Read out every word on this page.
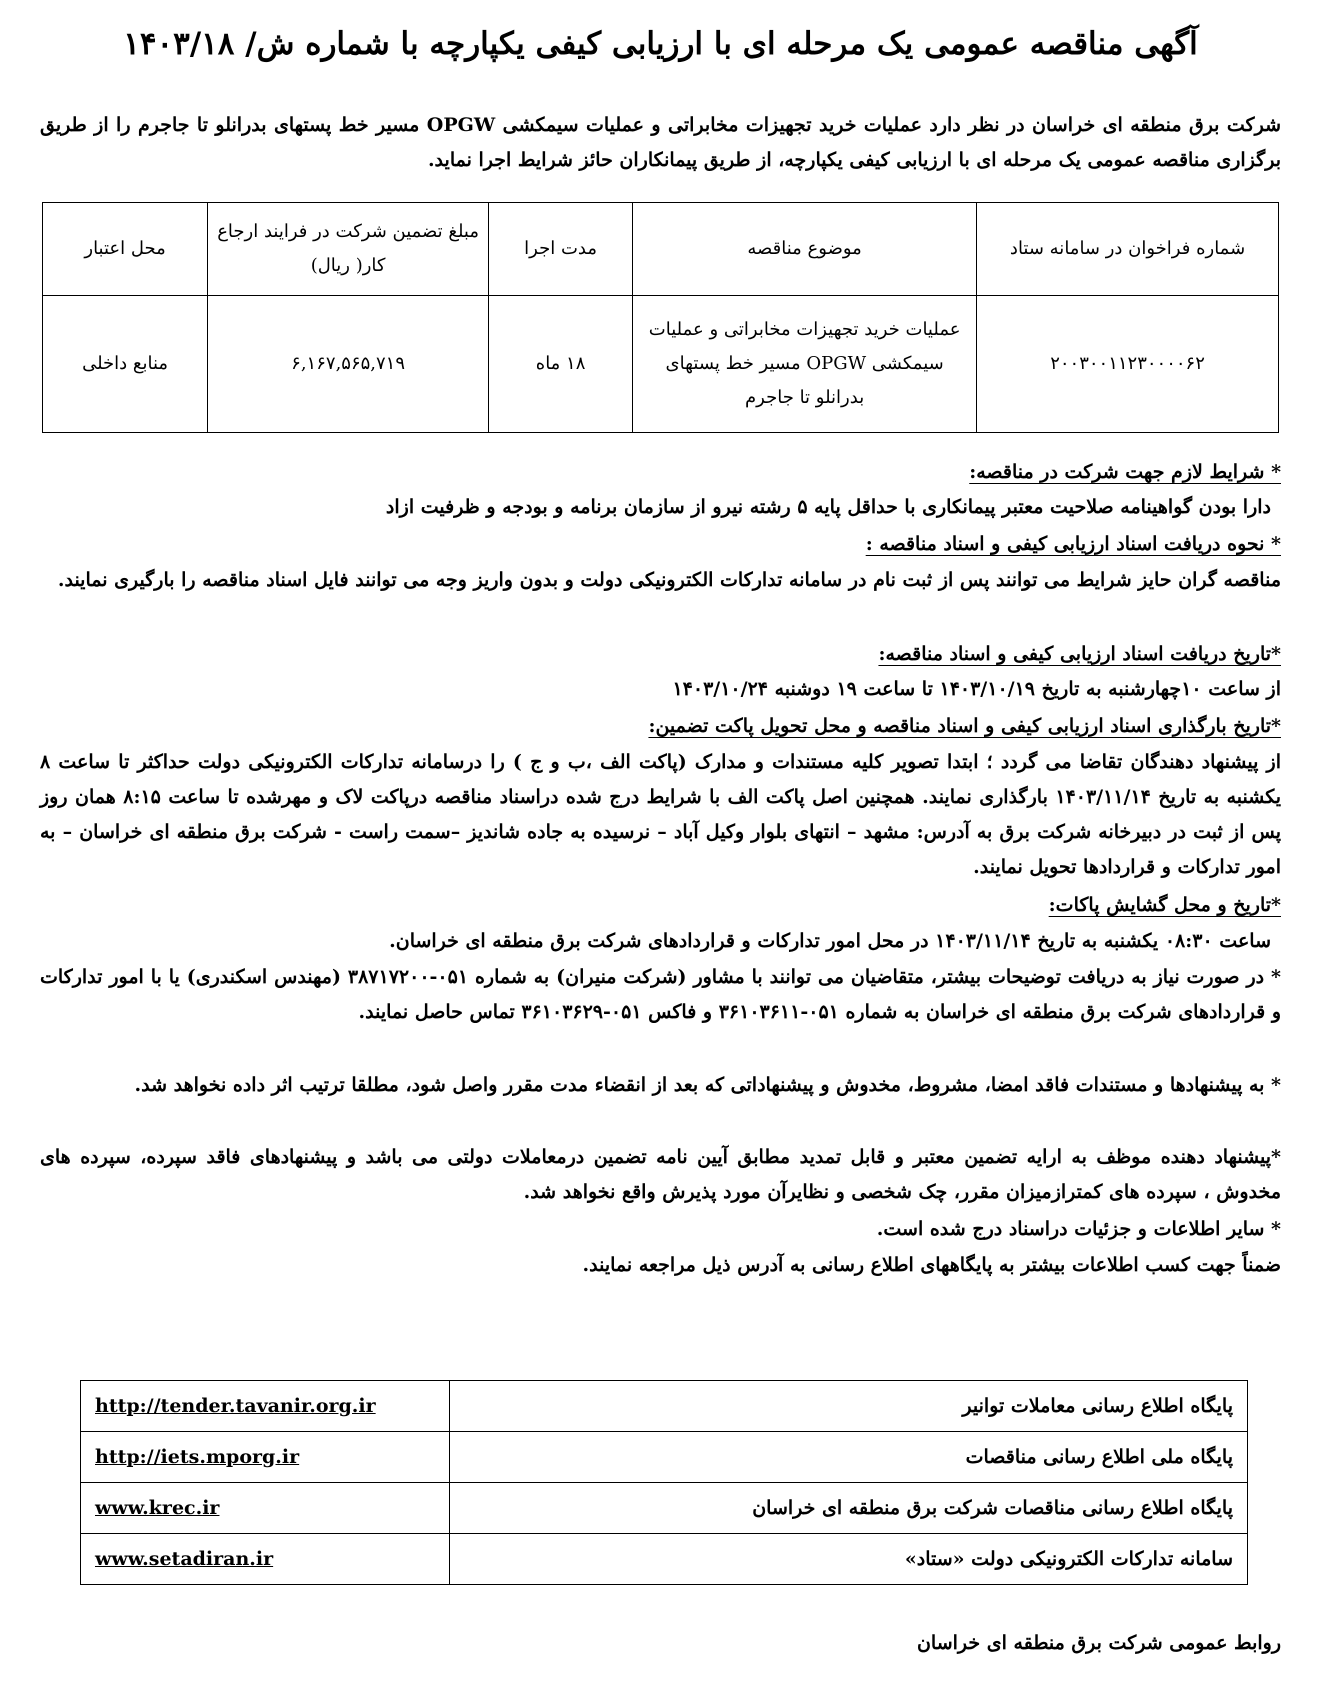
آگهی مناقصه عمومی یک مرحله ای با ارزیابی کیفی یکپارچه با شماره ش/ ۱۴۰۳/۱۸
شرکت برق منطقه ای خراسان در نظر دارد عملیات خرید تجهیزات مخابراتی و عملیات سیمکشی OPGW مسیر خط پستهای بدرانلو تا جاجرم را از طریق برگزاری مناقصه عمومی یک مرحله ای با ارزیابی کیفی یکپارچه، از طریق پیمانکاران حائز شرایط اجرا نماید.
شماره فراخوان در سامانه ستاد	موضوع مناقصه	مدت اجرا	مبلغ تضمین شرکت در فرایند ارجاع کار( ریال)	محل اعتبار
۲۰۰۳۰۰۱۱۲۳۰۰۰۰۶۲	عملیات خرید تجهیزات مخابراتی و عملیات سیمکشی OPGW مسیر خط پستهای بدرانلو تا جاجرم	۱۸ ماه	۶,۱۶۷,۵۶۵,۷۱۹	منابع داخلی
* شرایط لازم جهت شرکت در مناقصه:
دارا بودن گواهینامه صلاحیت معتبر پیمانکاری با حداقل پایه ۵ رشته نیرو از سازمان برنامه و بودجه و ظرفیت ازاد
* نحوه دریافت اسناد ارزیابی کیفی و اسناد مناقصه :
مناقصه گران حایز شرایط می توانند پس از ثبت نام در سامانه تدارکات الکترونیکی دولت و بدون واریز وجه می توانند فایل اسناد مناقصه را بارگیری نمایند.
*تاریخ دریافت اسناد ارزیابی کیفی و اسناد مناقصه:
از ساعت ۱۰چهارشنبه به تاریخ ۱۴۰۳/۱۰/۱۹ تا ساعت ۱۹ دوشنبه ۱۴۰۳/۱۰/۲۴
*تاریخ بارگذاری اسناد ارزیابی کیفی و اسناد مناقصه و محل تحویل پاکت تضمین:
از پیشنهاد دهندگان تقاضا می گردد ؛ ابتدا تصویر کلیه مستندات و مدارک (پاکت الف ،ب و ج ) را درسامانه تدارکات الکترونیکی دولت حداکثر تا ساعت ۸ یکشنبه به تاریخ ۱۴۰۳/۱۱/۱۴ بارگذاری نمایند. همچنین اصل پاکت الف با شرایط درج شده دراسناد مناقصه درپاکت لاک و مهرشده تا ساعت ۸:۱۵ همان روز پس از ثبت در دبیرخانه شرکت برق به آدرس: مشهد – انتهای بلوار وکیل آباد – نرسیده به جاده شاندیز –سمت راست - شرکت برق منطقه ای خراسان – به امور تدارکات و قراردادها تحویل نمایند.
*تاریخ و محل گشایش پاکات:
ساعت ۰۸:۳۰ یکشنبه به تاریخ ۱۴۰۳/۱۱/۱۴ در محل امور تدارکات و قراردادهای شرکت برق منطقه ای خراسان.
* در صورت نیاز به دریافت توضیحات بیشتر، متقاضیان می توانند با مشاور (شرکت منیران) به شماره ۰۵۱-۳۸۷۱۷۲۰۰ (مهندس اسکندری) یا با امور تدارکات و قراردادهای شرکت برق منطقه ای خراسان به شماره ۰۵۱-۳۶۱۰۳۶۱۱ و فاکس ۰۵۱-۳۶۱۰۳۶۲۹ تماس حاصل نمایند.
* به پیشنهادها و مستندات فاقد امضا، مشروط، مخدوش و پیشنهاداتی که بعد از انقضاء مدت مقرر واصل شود، مطلقا ترتیب اثر داده نخواهد شد.
*پیشنهاد دهنده موظف به ارایه تضمین معتبر و قابل تمدید مطابق آیین نامه تضمین درمعاملات دولتی می باشد و پیشنهادهای فاقد سپرده، سپرده های مخدوش ، سپرده های کمترازمیزان مقرر، چک شخصی و نظایرآن مورد پذیرش واقع نخواهد شد.
* سایر اطلاعات و جزئیات دراسناد درج شده است.
ضمناً جهت کسب اطلاعات بیشتر به پایگاههای اطلاع رسانی به آدرس ذیل مراجعه نمایند.
http://tender.tavanir.org.ir	پایگاه اطلاع رسانی معاملات توانیر
http://iets.mporg.ir	پایگاه ملی اطلاع رسانی مناقصات
www.krec.ir	پایگاه اطلاع رسانی مناقصات شرکت برق منطقه ای خراسان
www.setadiran.ir	سامانه تدارکات الکترونیکی دولت «ستاد»
روابط عمومی شرکت برق منطقه ای خراسان
